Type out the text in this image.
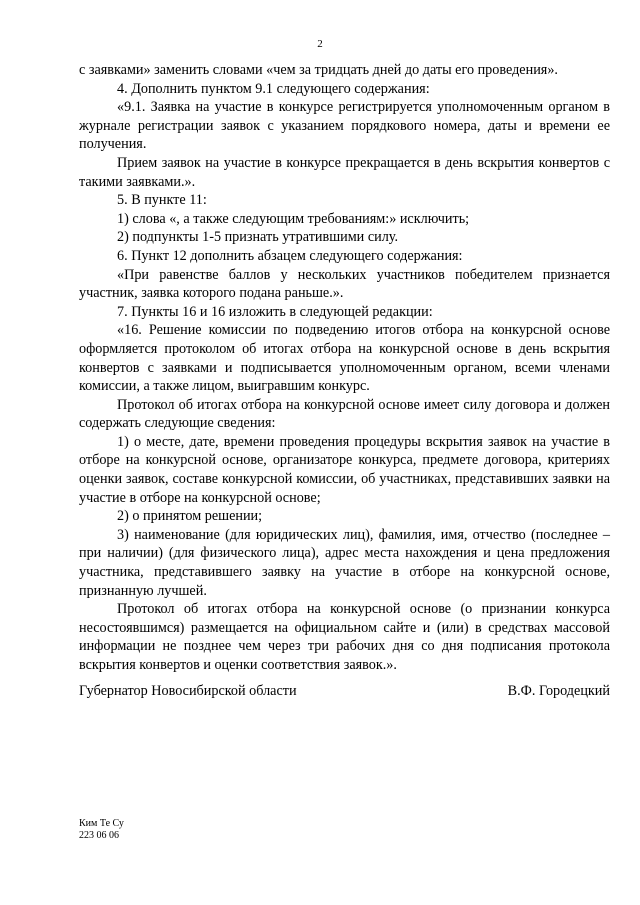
2

с заявками» заменить словами «чем за тридцать дней до даты его проведения».

4. Дополнить пунктом 9.1 следующего содержания:

«9.1. Заявка на участие в конкурсе регистрируется уполномоченным органом в журнале регистрации заявок с указанием порядкового номера, даты и времени ее получения.

Прием заявок на участие в конкурсе прекращается в день вскрытия конвертов с такими заявками.».

5. В пункте 11:

1) слова «, а также следующим требованиям:» исключить;

2) подпункты 1-5 признать утратившими силу.

6. Пункт 12 дополнить абзацем следующего содержания:

«При равенстве баллов у нескольких участников победителем признается участник, заявка которого подана раньше.».

7. Пункты 16 и 16 изложить в следующей редакции:

«16. Решение комиссии по подведению итогов отбора на конкурсной основе оформляется протоколом об итогах отбора на конкурсной основе в день вскрытия конвертов с заявками и подписывается уполномоченным органом, всеми членами комиссии, а также лицом, выигравшим конкурс.

Протокол об итогах отбора на конкурсной основе имеет силу договора и должен содержать следующие сведения:

1) о месте, дате, времени проведения процедуры вскрытия заявок на участие в отборе на конкурсной основе, организаторе конкурса, предмете договора, критериях оценки заявок, составе конкурсной комиссии, об участниках, представивших заявки на участие в отборе на конкурсной основе;

2) о принятом решении;

3) наименование (для юридических лиц), фамилия, имя, отчество (последнее – при наличии) (для физического лица), адрес места нахождения и цена предложения участника, представившего заявку на участие в отборе на конкурсной основе, признанную лучшей.

Протокол об итогах отбора на конкурсной основе (о признании конкурса несостоявшимся) размещается на официальном сайте и (или) в средствах массовой информации не позднее чем через три рабочих дня со дня подписания протокола вскрытия конвертов и оценки соответствия заявок.».

Губернатор Новосибирской области	В.Ф. Городецкий
Ким Те Су
223 06 06
